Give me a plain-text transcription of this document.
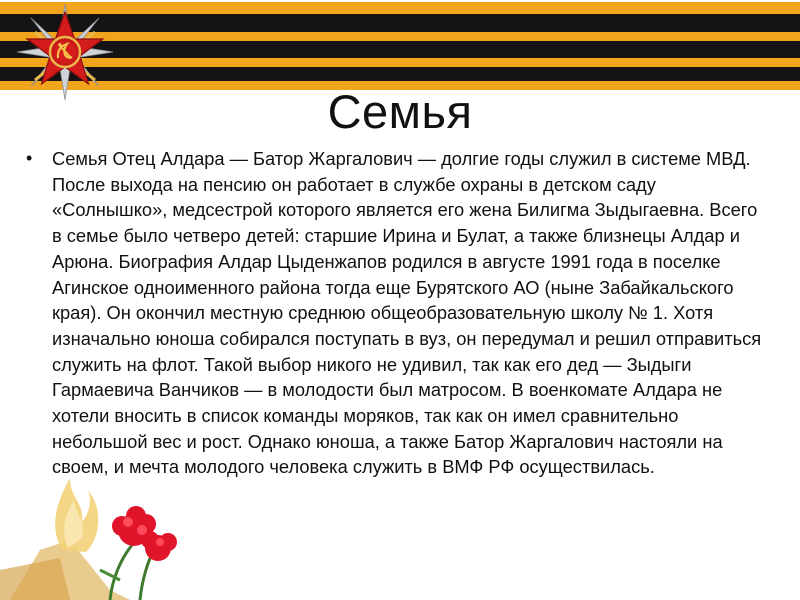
Семья
• Семья Отец Алдара — Батор Жаргалович — долгие годы служил в системе МВД. После выхода на пенсию он работает в службе охраны в детском саду «Солнышко», медсестрой которого является его жена Билигма Зыдыгаевна. Всего в семье было четверо детей: старшие Ирина и Булат, а также близнецы Алдар и Арюна. Биография Алдар Цыденжапов родился в августе 1991 года в поселке Агинское одноименного района тогда еще Бурятского АО (ныне Забайкальского края). Он окончил местную среднюю общеобразовательную школу № 1. Хотя изначально юноша собирался поступать в вуз, он передумал и решил отправиться служить на флот. Такой выбор никого не удивил, так как его дед — Зыдыги Гармаевича Ванчиков — в молодости был матросом. В военкомате Алдара не хотели вносить в список команды моряков, так как он имел сравнительно небольшой вес и рост. Однако юноша, а также Батор Жаргалович настояли на своем, и мечта молодого человека служить в ВМФ РФ осуществилась.
